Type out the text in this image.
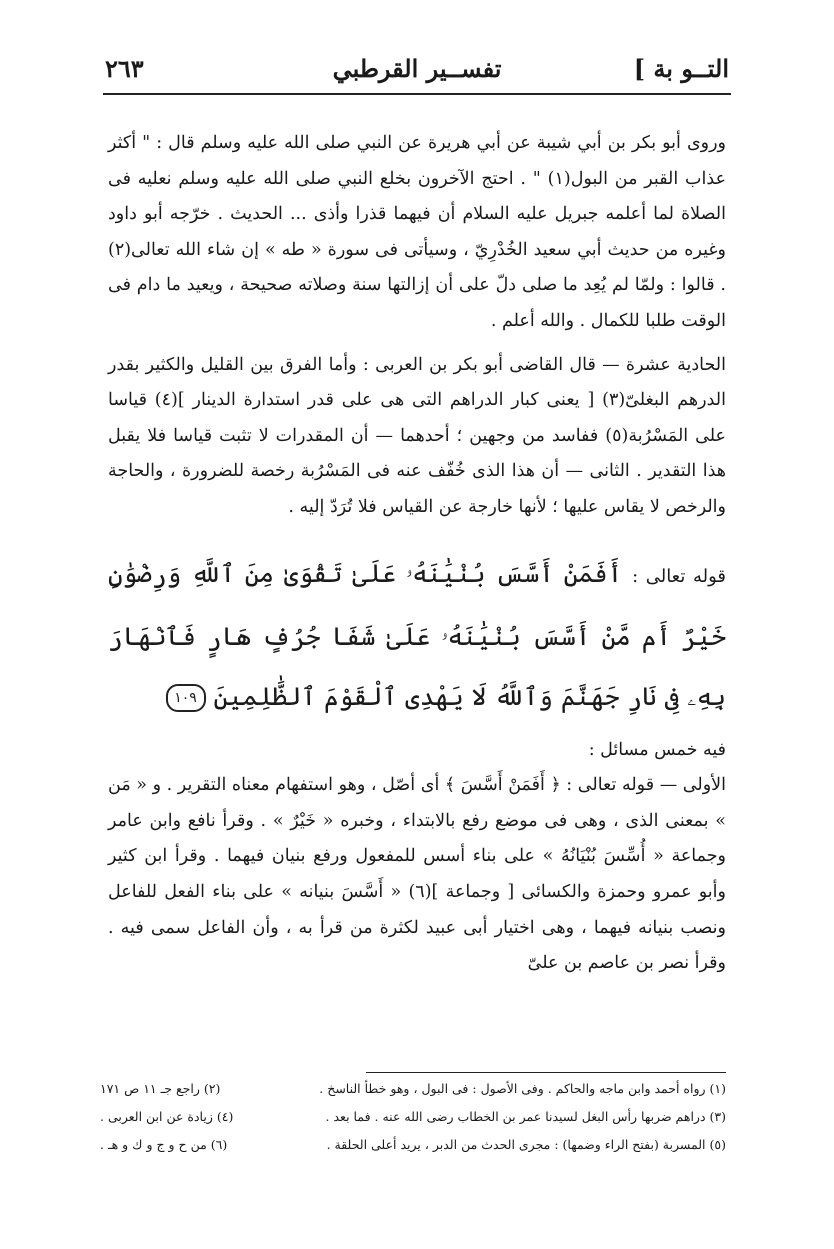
التــو بة ]
تفســير القرطبي
٢٦٣

وروى أبو بكر بن أبي شيبة عن أبي هريرة عن النبي صلى الله عليه وسلم قال : " أكثر عذاب القبر من البول(١) " . احتج الآخرون بخلع النبي صلى الله عليه وسلم نعليه فى الصلاة لما أعلمه جبريل عليه السلام أن فيهما قذرا وأذى ... الحديث . خرّجه أبو داود وغيره من حديث أبي سعيد الخُدْرِيّ ، وسيأتى فى سورة « طه » إن شاء الله تعالى(٢) . قالوا : ولمّا لم يُعِد ما صلى دلّ على أن إزالتها سنة وصلاته صحيحة ، ويعيد ما دام فى الوقت طلبا للكمال . والله أعلم .

الحادية عشرة — قال القاضى أبو بكر بن العربى : وأما الفرق بين القليل والكثير بقدر الدرهم البغلىّ(٣) [ يعنى كبار الدراهم التى هى على قدر استدارة الدينار ](٤) قياسا على المَسْرُبة(٥) ففاسد من وجهين ؛ أحدهما — أن المقدرات لا تثبت قياسا فلا يقبل هذا التقدير . الثانى — أن هذا الذى خُفّف عنه فى المَسْرُبة رخصة للضرورة ، والحاجة والرخص لا يقاس عليها ؛ لأنها خارجة عن القياس فلا تُرَدّ إليه .

قوله تعالى : أَفَمَنْ أَسَّسَ بُنْيَٰنَهُۥ عَلَىٰ تَقْوَىٰ مِنَ ٱللَّهِ وَرِضْوَٰنٍ خَيْرٌ أَم مَّنْ أَسَّسَ بُنْيَٰنَهُۥ عَلَىٰ شَفَا جُرُفٍ هَارٍ فَٱنْهَارَ بِهِۦ فِى نَارِ جَهَنَّمَ وَٱللَّهُ لَا يَهْدِى ٱلْقَوْمَ ٱلظَّٰلِمِينَ ١٠٩

فيه خمس مسائل :

الأولى — قوله تعالى : ﴿ أَفَمَنْ أَسَّسَ ﴾ أى أصّل ، وهو استفهام معناه التقرير . و « مَن » بمعنى الذى ، وهى فى موضع رفع بالابتداء ، وخبره « خَيْرٌ » . وقرأ نافع وابن عامر وجماعة « أُسِّسَ بُنْيَانُهُ » على بناء أسس للمفعول ورفع بنيان فيهما . وقرأ ابن كثير وأبو عمرو وحمزة والكسائى [ وجماعة ](٦) « أَسَّسَ بنيانه » على بناء الفعل للفاعل ونصب بنيانه فيهما ، وهى اختيار أبى عبيد لكثرة من قرأ به ، وأن الفاعل سمى فيه . وقرأ نصر بن عاصم بن علىّ

(١) رواه أحمد وابن ماجه والحاكم . وفى الأصول : فى البول ، وهو خطأ الناسخ .
(٢) راجع جـ ١١ ص ١٧١
(٣) دراهم ضربها رأس البغل لسيدنا عمر بن الخطاب رضى الله عنه . فما بعد .
(٤) زيادة عن ابن العربى .
(٥) المسربة (بفتح الراء وضمها) : مجرى الحدث من الدبر ، يريد أعلى الحلقة .
(٦) من ح و ج و ك و هـ .
